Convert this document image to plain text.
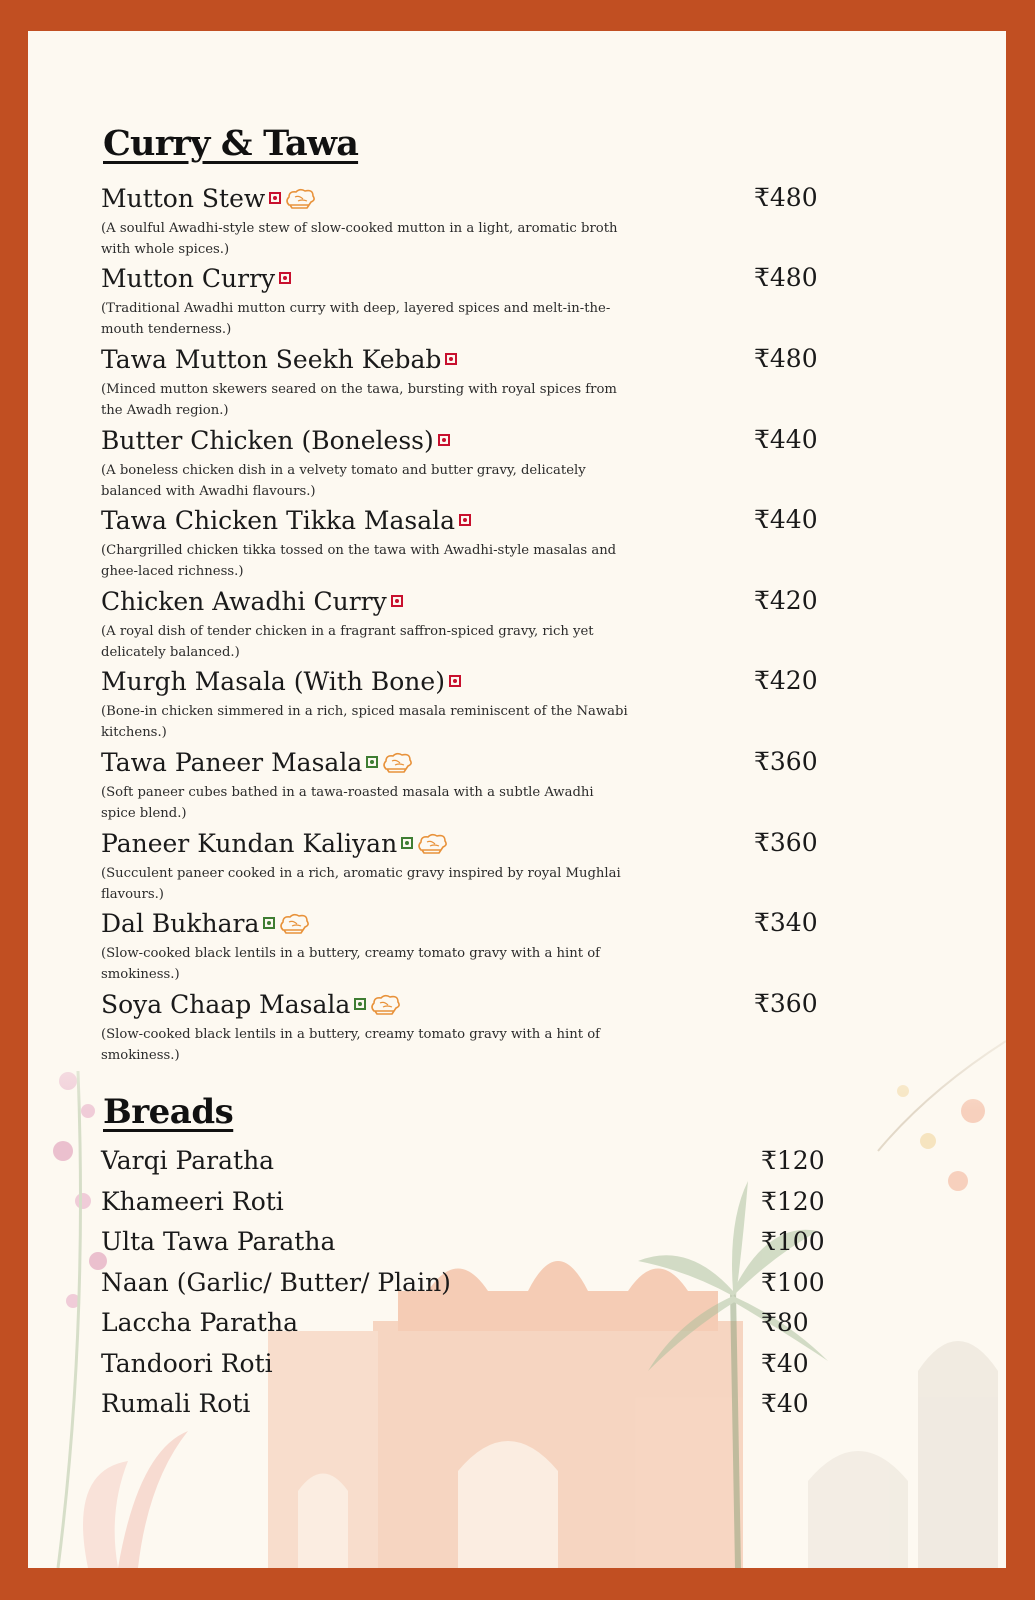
Curry & Tawa
Mutton Stew
(A soulful Awadhi-style stew of slow-cooked mutton in a light, aromatic broth with whole spices.)
₹480
Mutton Curry
(Traditional Awadhi mutton curry with deep, layered spices and melt-in-the-mouth tenderness.)
₹480
Tawa Mutton Seekh Kebab
(Minced mutton skewers seared on the tawa, bursting with royal spices from the Awadh region.)
₹480
Butter Chicken (Boneless)
(A boneless chicken dish in a velvety tomato and butter gravy, delicately balanced with Awadhi flavours.)
₹440
Tawa Chicken Tikka Masala
(Chargrilled chicken tikka tossed on the tawa with Awadhi-style masalas and ghee-laced richness.)
₹440
Chicken Awadhi Curry
(A royal dish of tender chicken in a fragrant saffron-spiced gravy, rich yet delicately balanced.)
₹420
Murgh Masala (With Bone)
(Bone-in chicken simmered in a rich, spiced masala reminiscent of the Nawabi kitchens.)
₹420
Tawa Paneer Masala
(Soft paneer cubes bathed in a tawa-roasted masala with a subtle Awadhi spice blend.)
₹360
Paneer Kundan Kaliyan
(Succulent paneer cooked in a rich, aromatic gravy inspired by royal Mughlai flavours.)
₹360
Dal Bukhara
(Slow-cooked black lentils in a buttery, creamy tomato gravy with a hint of smokiness.)
₹340
Soya Chaap Masala
(Slow-cooked black lentils in a buttery, creamy tomato gravy with a hint of smokiness.)
₹360
Breads
Varqi Paratha	₹120
Khameeri Roti	₹120
Ulta Tawa Paratha	₹100
Naan (Garlic/ Butter/ Plain)	₹100
Laccha Paratha	₹80
Tandoori Roti	₹40
Rumali Roti	₹40
